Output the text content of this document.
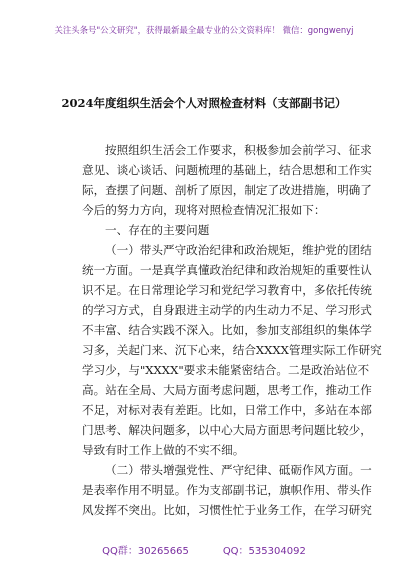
关注头条号"公文研究"，获得最新最全最专业的公文资料库！ 微信：gongwenyj
2024年度组织生活会个人对照检查材料（支部副书记）
按照组织生活会工作要求，积极参加会前学习、征求
意见、谈心谈话、问题梳理的基础上，结合思想和工作实
际，查摆了问题、剖析了原因，制定了改进措施，明确了
今后的努力方向，现将对照检查情况汇报如下：
一、存在的主要问题
（一）带头严守政治纪律和政治规矩，维护党的团结
统一方面。一是真学真懂政治纪律和政治规矩的重要性认
识不足。在日常理论学习和党纪学习教育中，多依托传统
的学习方式，自身跟进主动学的内生动力不足、学习形式
不丰富、结合实践不深入。比如，参加支部组织的集体学
习多，关起门来、沉下心来，结合XXXX管理实际工作研究
学习少，与"XXXX"要求未能紧密结合。二是政治站位不
高。站在全局、大局方面考虑问题，思考工作，推动工作
不足，对标对表有差距。比如，日常工作中，多站在本部
门思考、解决问题多，以中心大局方面思考问题比较少，
导致有时工作上做的不实不细。
（二）带头增强党性、严守纪律、砥砺作风方面。一
是表率作用不明显。作为支部副书记，旗帜作用、带头作
风发挥不突出。比如，习惯性忙于业务工作，在学习研究
QQ群：30265665	QQ：535304092
